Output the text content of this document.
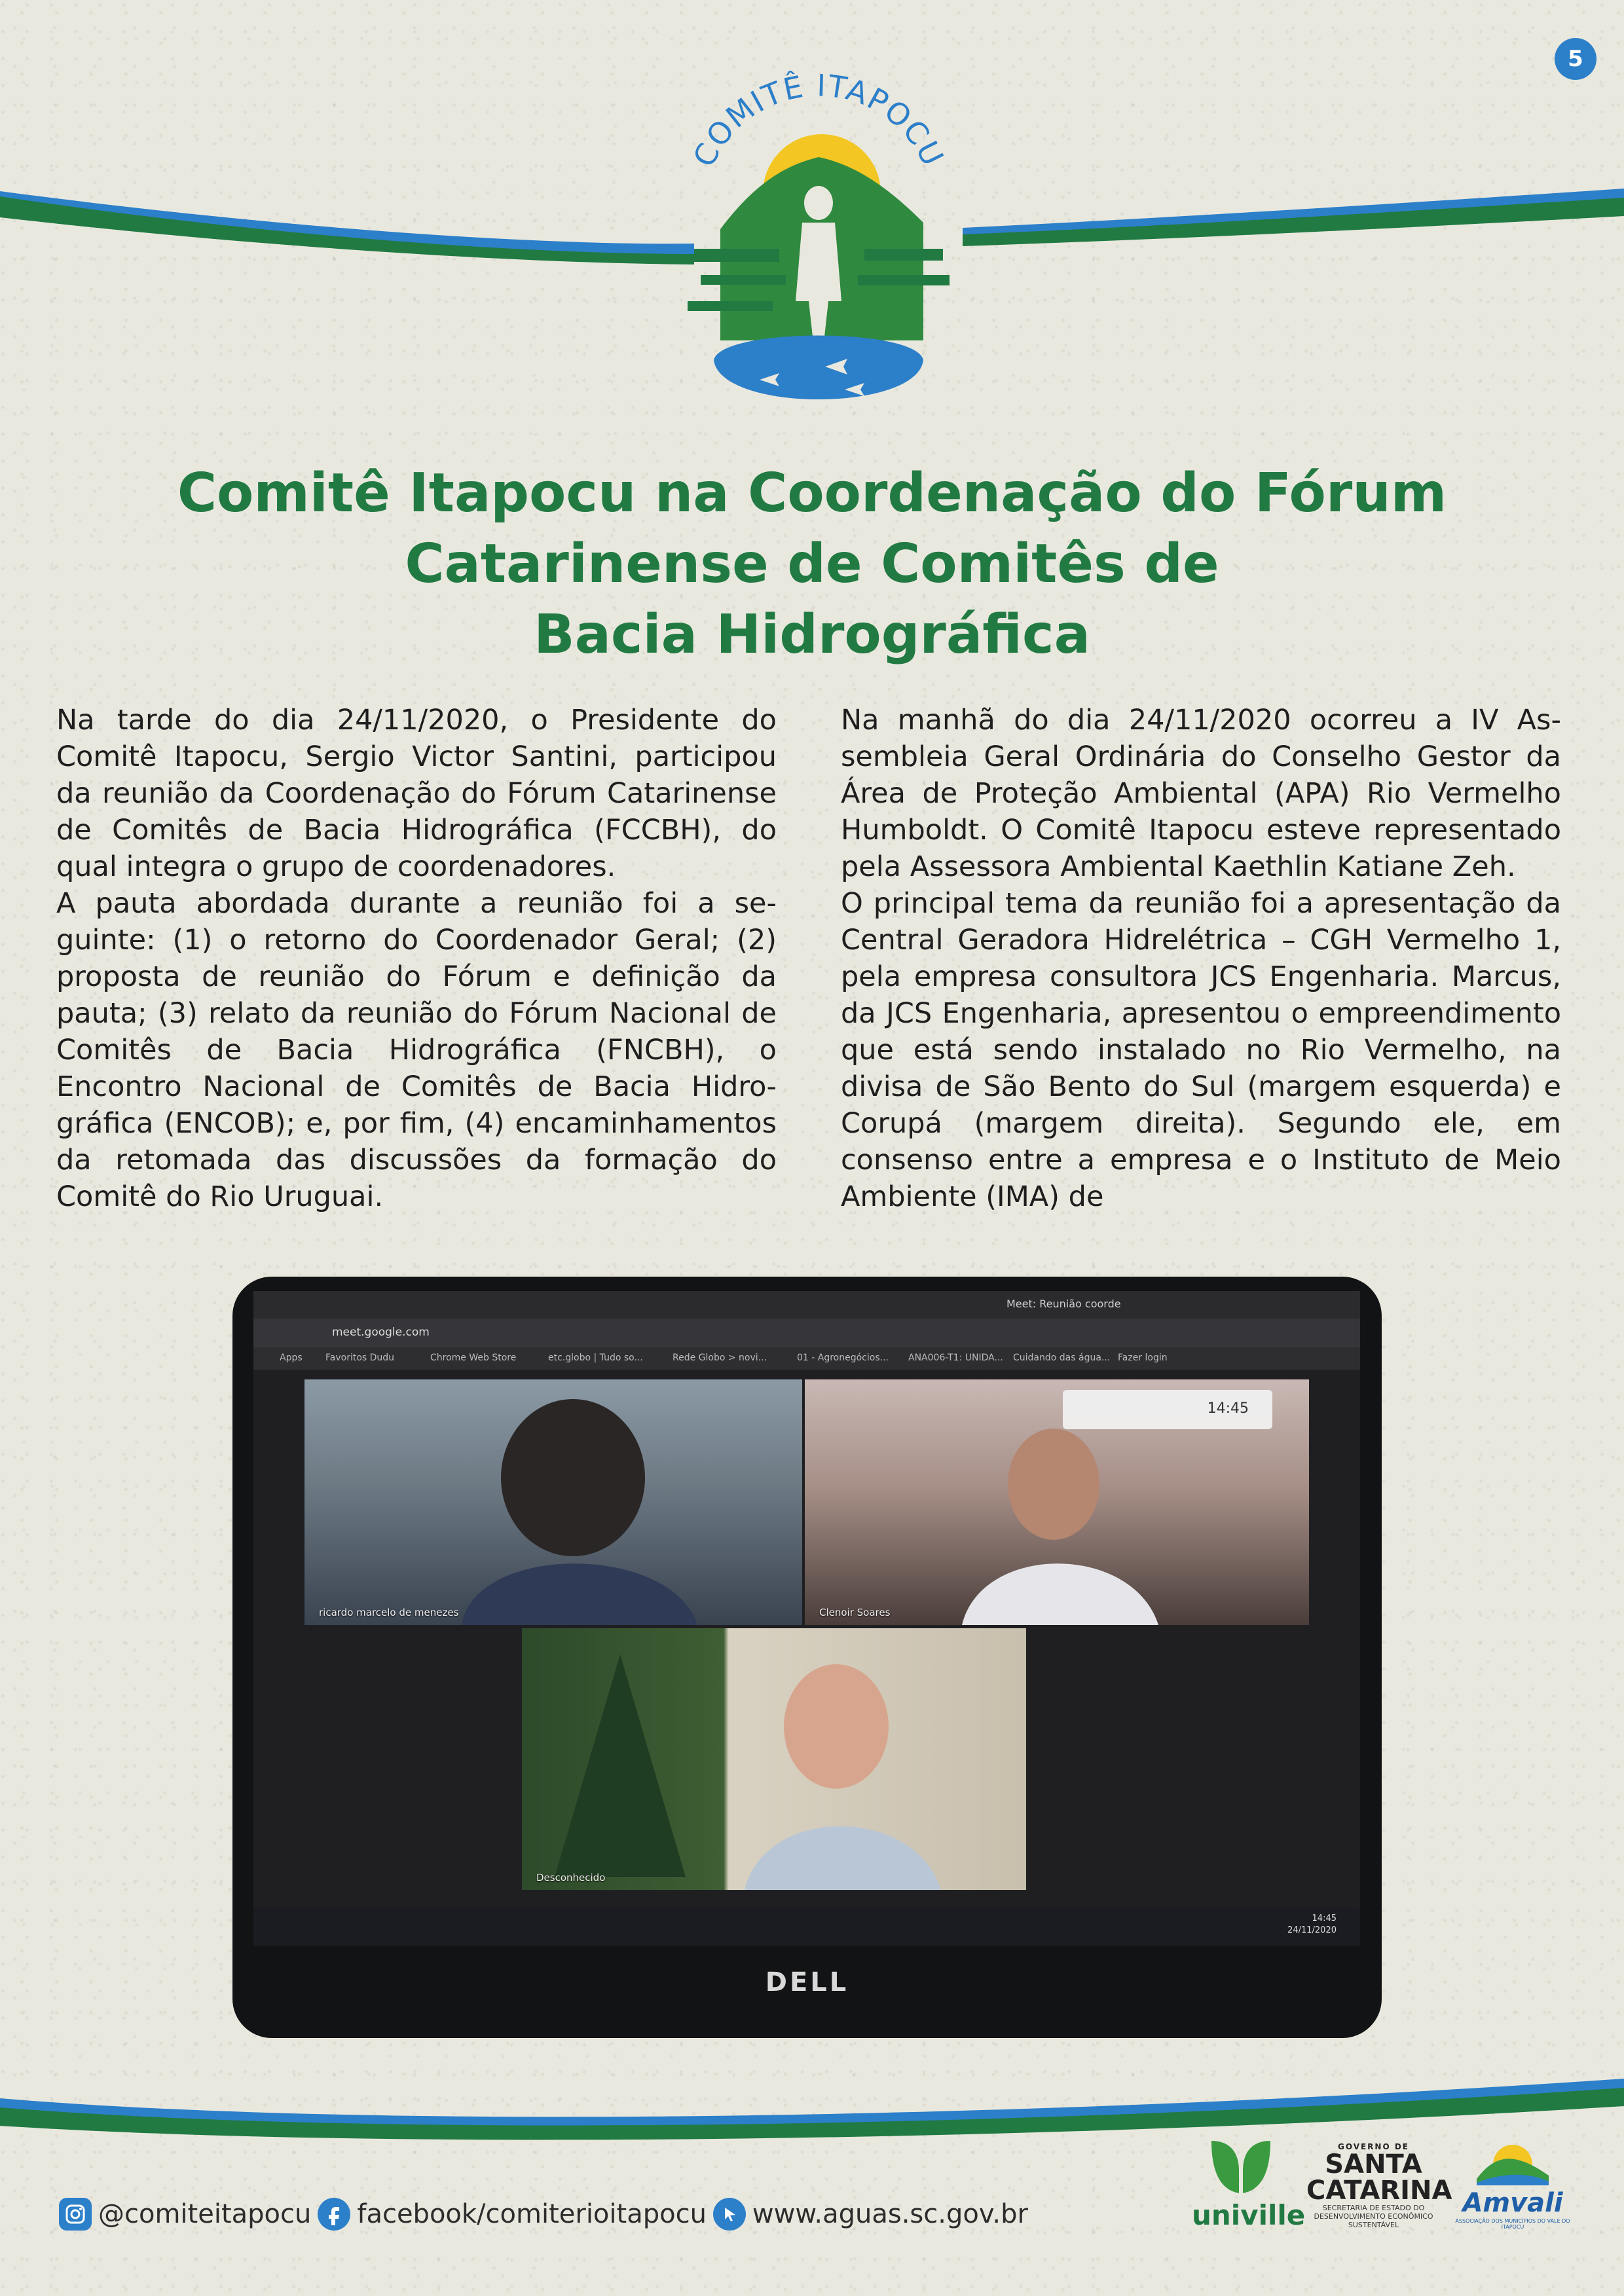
5
COMITÊ ITAPOCU
Comitê Itapocu na Coordenação do Fórum
Catarinense de Comitês de
Bacia Hidrográfica

Na tarde do dia 24/11/2020, o Presidente do Comitê Itapocu, Sergio Victor Santini, participou da reunião da Coordenação do Fórum Catarinense de Comitês de Bacia Hidrográfica (FCCBH), do qual integra o grupo de coordenadores.

A pauta abordada durante a reunião foi a seguinte: (1) o retorno do Coordenador Geral; (2) proposta de reunião do Fórum e definição da pauta; (3) relato da reunião do Fórum Nacional de Comitês de Bacia Hidrográfica (FNCBH), o Encontro Nacional de Comitês de Bacia Hidrográfica (ENCOB); e, por fim, (4) encaminhamentos da retomada das discussões da formação do Comitê do Rio Uruguai.

Na manhã do dia 24/11/2020 ocorreu a IV Assembleia Geral Ordinária do Conselho Gestor da Área de Proteção Ambiental (APA) Rio Vermelho Humboldt. O Comitê Itapocu esteve representado pela Assessora Ambiental Kaethlin Katiane Zeh.

O principal tema da reunião foi a apresentação da Central Geradora Hidrelétrica – CGH Vermelho 1, pela empresa consultora JCS Engenharia. Marcus, da JCS Engenharia, apresentou o empreendimento que está sendo instalado no Rio Vermelho, na divisa de São Bento do Sul (margem esquerda) e Corupá (margem direita). Segundo ele, em consenso entre a empresa e o Instituto de Meio Ambiente (IMA) de

Meet: Reunião coorde
meet.google.com
Apps	Favoritos Dudu	Chrome Web Store	etc.globo | Tudo so...	Rede Globo > novi...	01 - Agronegócios... ANA006-T1: UNIDA... Cuidando das água... Fazer login
ricardo marcelo de menezes
14:45
Clenoir Soares
Desconhecido
14:45
24/11/2020
DELL
@comiteitapocu facebook/comiterioitapocu www.aguas.sc.gov.br	univille
GOVERNO DE
SANTA
CATARINA
SECRETARIA DE ESTADO DO DESENVOLVIMENTO ECONÔMICO SUSTENTÁVEL
Amvali
ASSOCIAÇÃO DOS MUNICÍPIOS DO VALE DO ITAPOCU
